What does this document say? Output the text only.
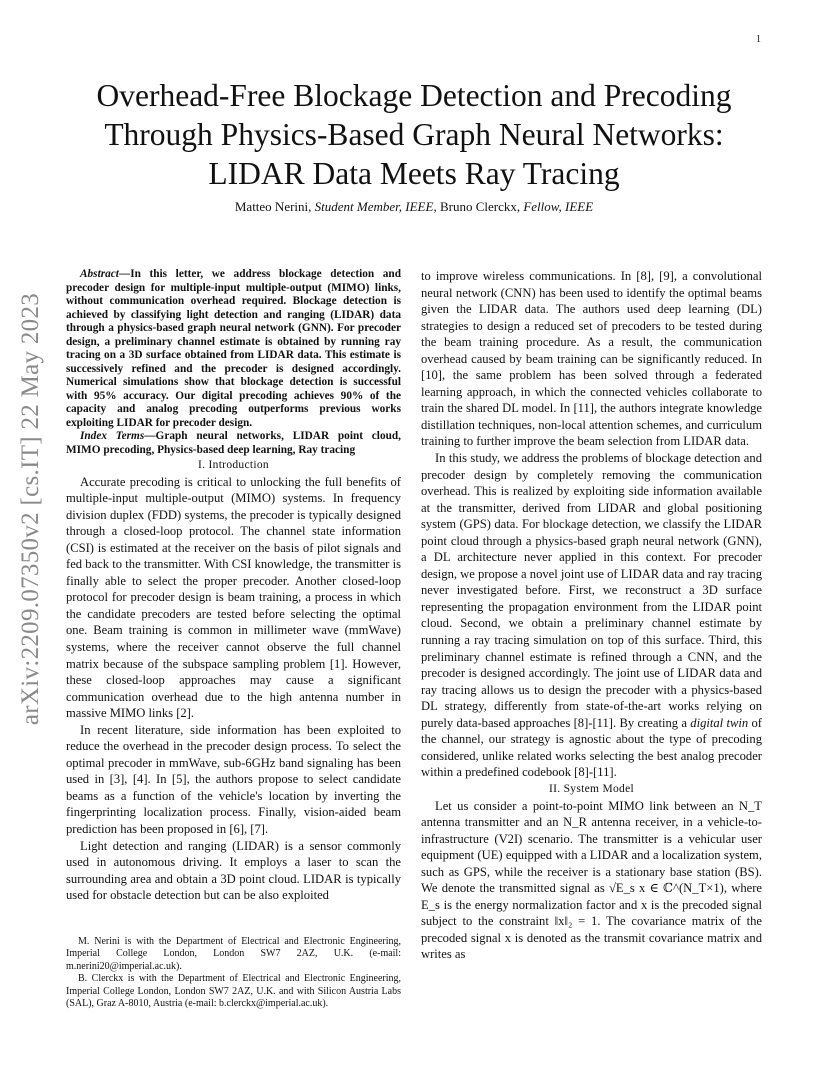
1
arXiv:2209.07350v2 [cs.IT] 22 May 2023
Overhead-Free Blockage Detection and Precoding
Through Physics-Based Graph Neural Networks:
LIDAR Data Meets Ray Tracing
Matteo Nerini, Student Member, IEEE, Bruno Clerckx, Fellow, IEEE

Abstract—In this letter, we address blockage detection and precoder design for multiple-input multiple-output (MIMO) links, without communication overhead required. Blockage detection is achieved by classifying light detection and ranging (LIDAR) data through a physics-based graph neural network (GNN). For precoder design, a preliminary channel estimate is obtained by running ray tracing on a 3D surface obtained from LIDAR data. This estimate is successively refined and the precoder is designed accordingly. Numerical simulations show that blockage detection is successful with 95% accuracy. Our digital precoding achieves 90% of the capacity and analog precoding outperforms previous works exploiting LIDAR for precoder design.

Index Terms—Graph neural networks, LIDAR point cloud, MIMO precoding, Physics-based deep learning, Ray tracing

I. Introduction

Accurate precoding is critical to unlocking the full benefits of multiple-input multiple-output (MIMO) systems. In frequency division duplex (FDD) systems, the precoder is typically designed through a closed-loop protocol. The channel state information (CSI) is estimated at the receiver on the basis of pilot signals and fed back to the transmitter. With CSI knowledge, the transmitter is finally able to select the proper precoder. Another closed-loop protocol for precoder design is beam training, a process in which the candidate precoders are tested before selecting the optimal one. Beam training is common in millimeter wave (mmWave) systems, where the receiver cannot observe the full channel matrix because of the subspace sampling problem [1]. However, these closed-loop approaches may cause a significant communication overhead due to the high antenna number in massive MIMO links [2].

In recent literature, side information has been exploited to reduce the overhead in the precoder design process. To select the optimal precoder in mmWave, sub-6GHz band signaling has been used in [3], [4]. In [5], the authors propose to select candidate beams as a function of the vehicle's location by inverting the fingerprinting localization process. Finally, vision-aided beam prediction has been proposed in [6], [7].

Light detection and ranging (LIDAR) is a sensor commonly used in autonomous driving. It employs a laser to scan the surrounding area and obtain a 3D point cloud. LIDAR is typically used for obstacle detection but can be also exploited

M. Nerini is with the Department of Electrical and Electronic Engineering, Imperial College London, London SW7 2AZ, U.K. (e-mail: m.nerini20@imperial.ac.uk).

B. Clerckx is with the Department of Electrical and Electronic Engineering, Imperial College London, London SW7 2AZ, U.K. and with Silicon Austria Labs (SAL), Graz A-8010, Austria (e-mail: b.clerckx@imperial.ac.uk).

to improve wireless communications. In [8], [9], a convolutional neural network (CNN) has been used to identify the optimal beams given the LIDAR data. The authors used deep learning (DL) strategies to design a reduced set of precoders to be tested during the beam training procedure. As a result, the communication overhead caused by beam training can be significantly reduced. In [10], the same problem has been solved through a federated learning approach, in which the connected vehicles collaborate to train the shared DL model. In [11], the authors integrate knowledge distillation techniques, non-local attention schemes, and curriculum training to further improve the beam selection from LIDAR data.

In this study, we address the problems of blockage detection and precoder design by completely removing the communication overhead. This is realized by exploiting side information available at the transmitter, derived from LIDAR and global positioning system (GPS) data. For blockage detection, we classify the LIDAR point cloud through a physics-based graph neural network (GNN), a DL architecture never applied in this context. For precoder design, we propose a novel joint use of LIDAR data and ray tracing never investigated before. First, we reconstruct a 3D surface representing the propagation environment from the LIDAR point cloud. Second, we obtain a preliminary channel estimate by running a ray tracing simulation on top of this surface. Third, this preliminary channel estimate is refined through a CNN, and the precoder is designed accordingly. The joint use of LIDAR data and ray tracing allows us to design the precoder with a physics-based DL strategy, differently from state-of-the-art works relying on purely data-based approaches [8]-[11]. By creating a digital twin of the channel, our strategy is agnostic about the type of precoding considered, unlike related works selecting the best analog precoder within a predefined codebook [8]-[11].

II. System Model

Let us consider a point-to-point MIMO link between an N_T antenna transmitter and an N_R antenna receiver, in a vehicle-to-infrastructure (V2I) scenario. The transmitter is a vehicular user equipment (UE) equipped with a LIDAR and a localization system, such as GPS, while the receiver is a stationary base station (BS). We denote the transmitted signal as √E_s x ∈ ℂ^(N_T×1), where E_s is the energy normalization factor and x is the precoded signal subject to the constraint ‖x‖₂ = 1. The covariance matrix of the precoded signal x is denoted as the transmit covariance matrix and writes as
